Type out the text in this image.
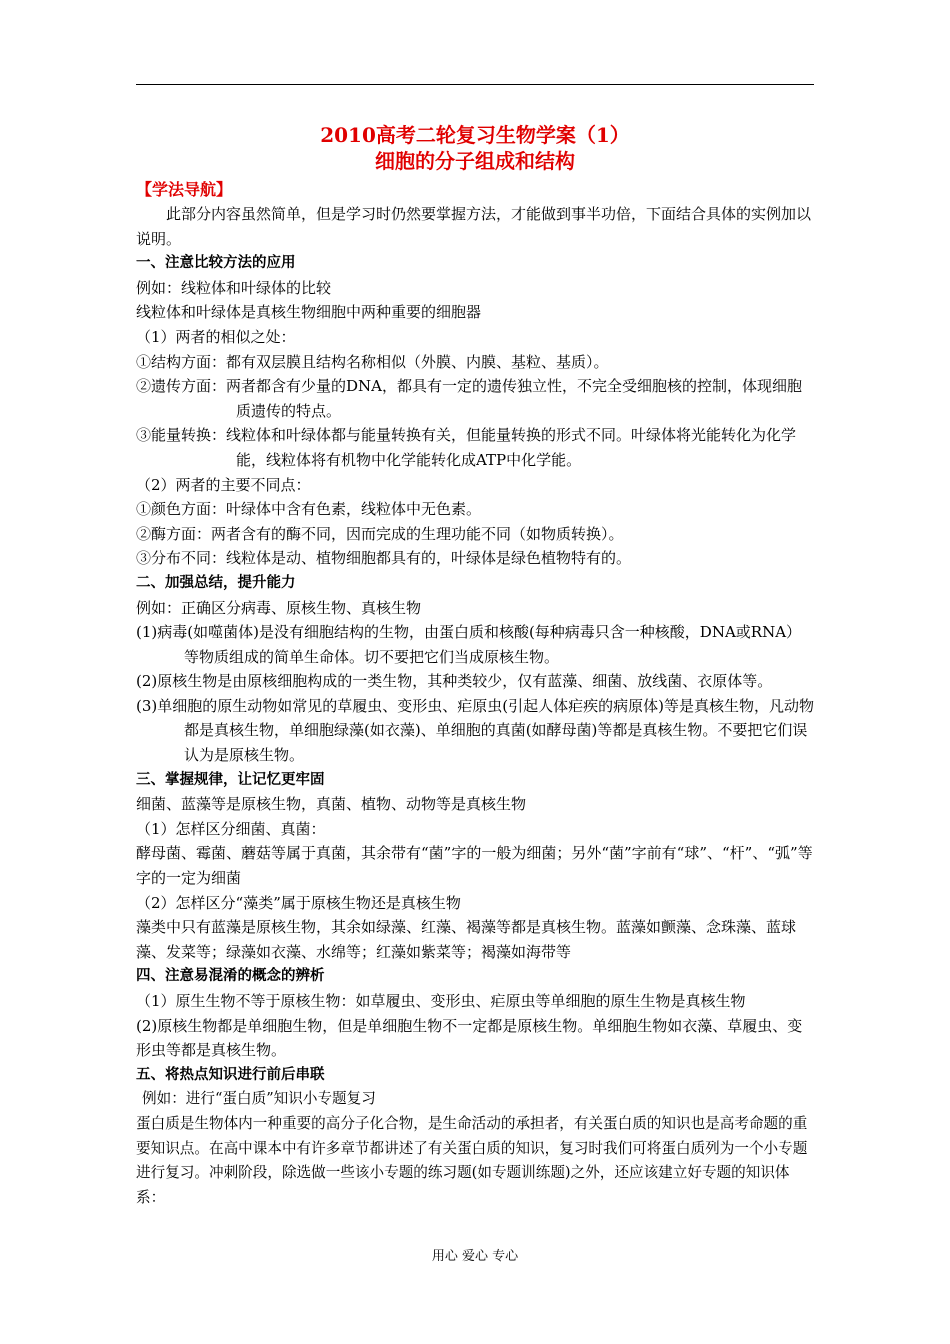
2010高考二轮复习生物学案（1）

细胞的分子组成和结构

【学法导航】

此部分内容虽然简单，但是学习时仍然要掌握方法，才能做到事半功倍，下面结合具体的实例加以说明。

一、注意比较方法的应用

例如：线粒体和叶绿体的比较

线粒体和叶绿体是真核生物细胞中两种重要的细胞器

（1）两者的相似之处：

①结构方面：都有双层膜且结构名称相似（外膜、内膜、基粒、基质）。

②遗传方面：两者都含有少量的DNA，都具有一定的遗传独立性，不完全受细胞核的控制，体现细胞质遗传的特点。

③能量转换：线粒体和叶绿体都与能量转换有关，但能量转换的形式不同。叶绿体将光能转化为化学能，线粒体将有机物中化学能转化成ATP中化学能。

（2）两者的主要不同点：

①颜色方面：叶绿体中含有色素，线粒体中无色素。

②酶方面：两者含有的酶不同，因而完成的生理功能不同（如物质转换）。

③分布不同：线粒体是动、植物细胞都具有的，叶绿体是绿色植物特有的。

二、加强总结，提升能力

例如：正确区分病毒、原核生物、真核生物

(1)病毒(如噬菌体)是没有细胞结构的生物，由蛋白质和核酸(每种病毒只含一种核酸，DNA或RNA）等物质组成的简单生命体。切不要把它们当成原核生物。

(2)原核生物是由原核细胞构成的一类生物，其种类较少，仅有蓝藻、细菌、放线菌、衣原体等。

(3)单细胞的原生动物如常见的草履虫、变形虫、疟原虫(引起人体疟疾的病原体)等是真核生物，凡动物都是真核生物，单细胞绿藻(如衣藻)、单细胞的真菌(如酵母菌)等都是真核生物。不要把它们误认为是原核生物。

三、掌握规律，让记忆更牢固

细菌、蓝藻等是原核生物，真菌、植物、动物等是真核生物

（1）怎样区分细菌、真菌：

酵母菌、霉菌、蘑菇等属于真菌，其余带有“菌”字的一般为细菌；另外“菌”字前有“球”、“杆”、“弧”等字的一定为细菌

（2）怎样区分“藻类”属于原核生物还是真核生物

藻类中只有蓝藻是原核生物，其余如绿藻、红藻、褐藻等都是真核生物。蓝藻如颤藻、念珠藻、蓝球藻、发菜等；绿藻如衣藻、水绵等；红藻如紫菜等；褐藻如海带等

四、注意易混淆的概念的辨析

（1）原生生物不等于原核生物：如草履虫、变形虫、疟原虫等单细胞的原生生物是真核生物

(2)原核生物都是单细胞生物，但是单细胞生物不一定都是原核生物。单细胞生物如衣藻、草履虫、变形虫等都是真核生物。

五、将热点知识进行前后串联

例如：进行“蛋白质”知识小专题复习

蛋白质是生物体内一种重要的高分子化合物，是生命活动的承担者，有关蛋白质的知识也是高考命题的重要知识点。在高中课本中有许多章节都讲述了有关蛋白质的知识，复习时我们可将蛋白质列为一个小专题进行复习。冲刺阶段，除选做一些该小专题的练习题(如专题训练题)之外，还应该建立好专题的知识体系：

用心 爱心 专心
